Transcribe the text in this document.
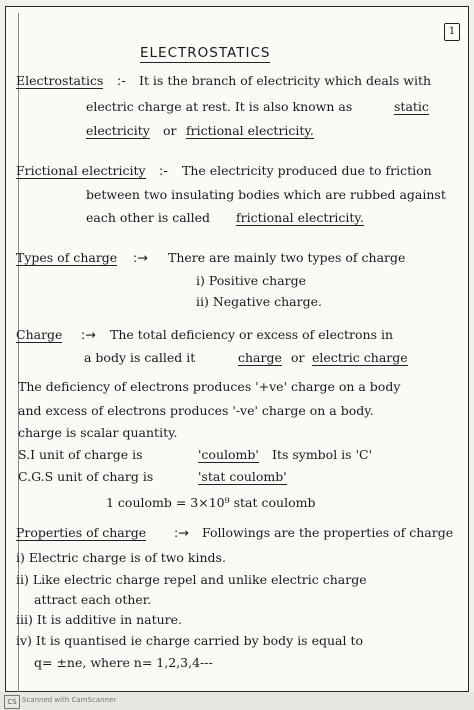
1
ELECTROSTATICS
Electrostatics :- It is the branch of electricity which deals with
electric charge at rest. It is also known as	static
electricity or frictional electricity.
Frictional electricity :- The electricity produced due to friction
between two insulating bodies which are rubbed against
each other is called frictional electricity.
Types of charge :→ There are mainly two types of charge
i) Positive charge
ii) Negative charge.
Charge :→ The total deficiency or excess of electrons in
a body is called it	charge or electric charge
The deficiency of electrons produces '+ve' charge on a body
and excess of electrons produces '-ve' charge on a body.
charge is scalar quantity.
S.I unit of charge is	'coulomb' Its symbol is 'C'
C.G.S unit of charg is	'stat coulomb'
1 coulomb = 3×10⁹ stat coulomb
Properties of charge :→ Followings are the properties of charge
i) Electric charge is of two kinds.
ii) Like electric charge repel and unlike electric charge
attract each other.
iii) It is additive in nature.
iv) It is quantised ie charge carried by body is equal to
q= ±ne, where n= 1,2,3,4---
CS Scanned with CamScanner
